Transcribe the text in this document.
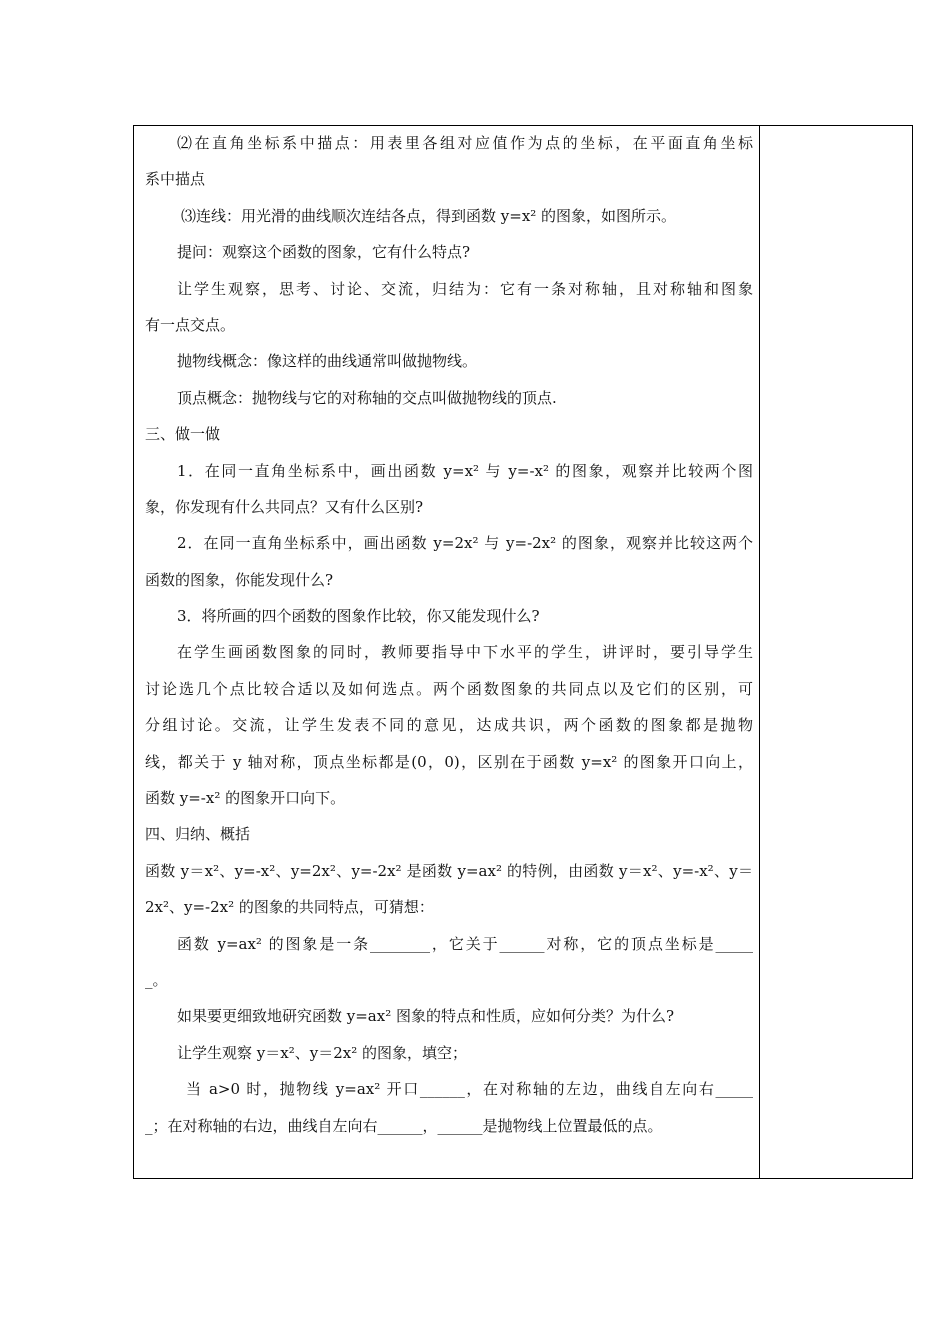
⑵在直角坐标系中描点：用表里各组对应值作为点的坐标，在平面直角坐标
系中描点
⑶连线：用光滑的曲线顺次连结各点，得到函数 y=x² 的图象，如图所示。
提问：观察这个函数的图象，它有什么特点?
让学生观察，思考、讨论、交流，归结为：它有一条对称轴，且对称轴和图象
有一点交点。
抛物线概念：像这样的曲线通常叫做抛物线。
顶点概念：抛物线与它的对称轴的交点叫做抛物线的顶点.
三、做一做
1．在同一直角坐标系中，画出函数 y=x² 与 y=-x² 的图象，观察并比较两个图
象，你发现有什么共同点？又有什么区别?
2．在同一直角坐标系中，画出函数 y=2x² 与 y=-2x² 的图象，观察并比较这两个
函数的图象，你能发现什么?
3．将所画的四个函数的图象作比较，你又能发现什么?
在学生画函数图象的同时，教师要指导中下水平的学生，讲评时，要引导学生
讨论选几个点比较合适以及如何选点。两个函数图象的共同点以及它们的区别，可
分组讨论。交流，让学生发表不同的意见，达成共识，两个函数的图象都是抛物
线，都关于 y 轴对称，顶点坐标都是(0，0)，区别在于函数 y=x² 的图象开口向上，
函数 y=-x² 的图象开口向下。
四、归纳、概括
函数 y＝x²、y=-x²、y=2x²、y=-2x² 是函数 y=ax² 的特例，由函数 y＝x²、y=-x²、y＝
2x²、y=-2x² 的图象的共同特点，可猜想：
函数 y=ax² 的图象是一条________，它关于______对称，它的顶点坐标是_____
_。
如果要更细致地研究函数 y=ax² 图象的特点和性质，应如何分类？为什么?
让学生观察 y＝x²、y＝2x² 的图象，填空；
当 a>0 时，抛物线 y=ax² 开口______，在对称轴的左边，曲线自左向右_____
_；在对称轴的右边，曲线自左向右______，______是抛物线上位置最低的点。
